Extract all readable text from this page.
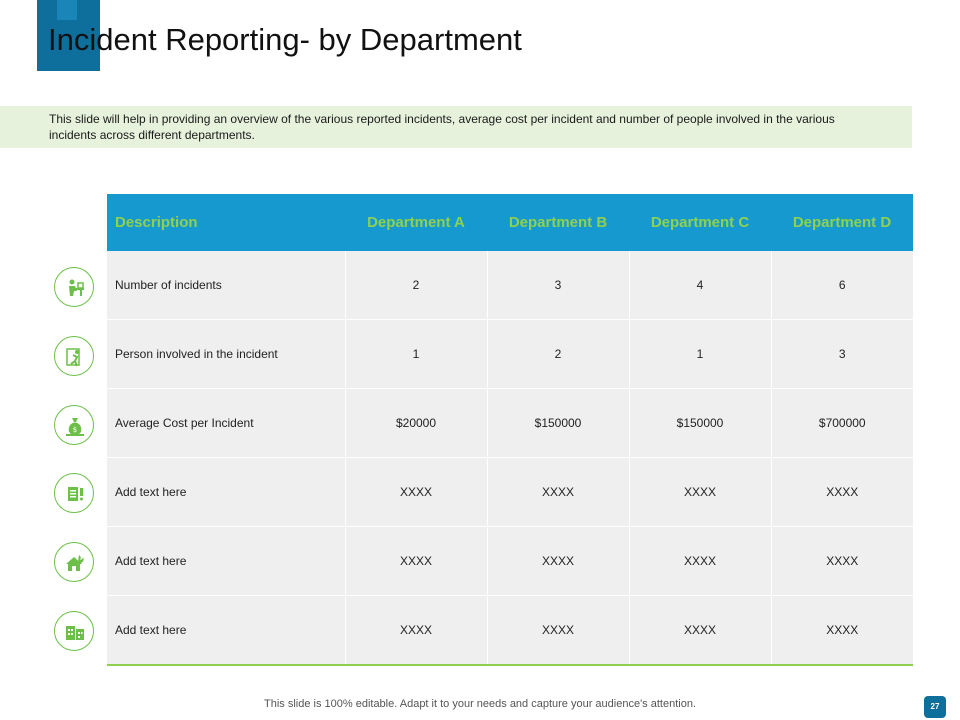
Incident Reporting- by Department

This slide will help in providing an overview of the various reported incidents, average cost per incident and number of people involved in the various incidents across different departments.

$
Description	Department A	Department B	Department C	Department D
Number of incidents	2	3	4	6
Person involved in the incident	1	2	1	3
Average Cost per Incident	$20000	$150000	$150000	$700000
Add text here	XXXX	XXXX	XXXX	XXXX
Add text here	XXXX	XXXX	XXXX	XXXX
Add text here	XXXX	XXXX	XXXX	XXXX
This slide is 100% editable. Adapt it to your needs and capture your audience's attention.	27
